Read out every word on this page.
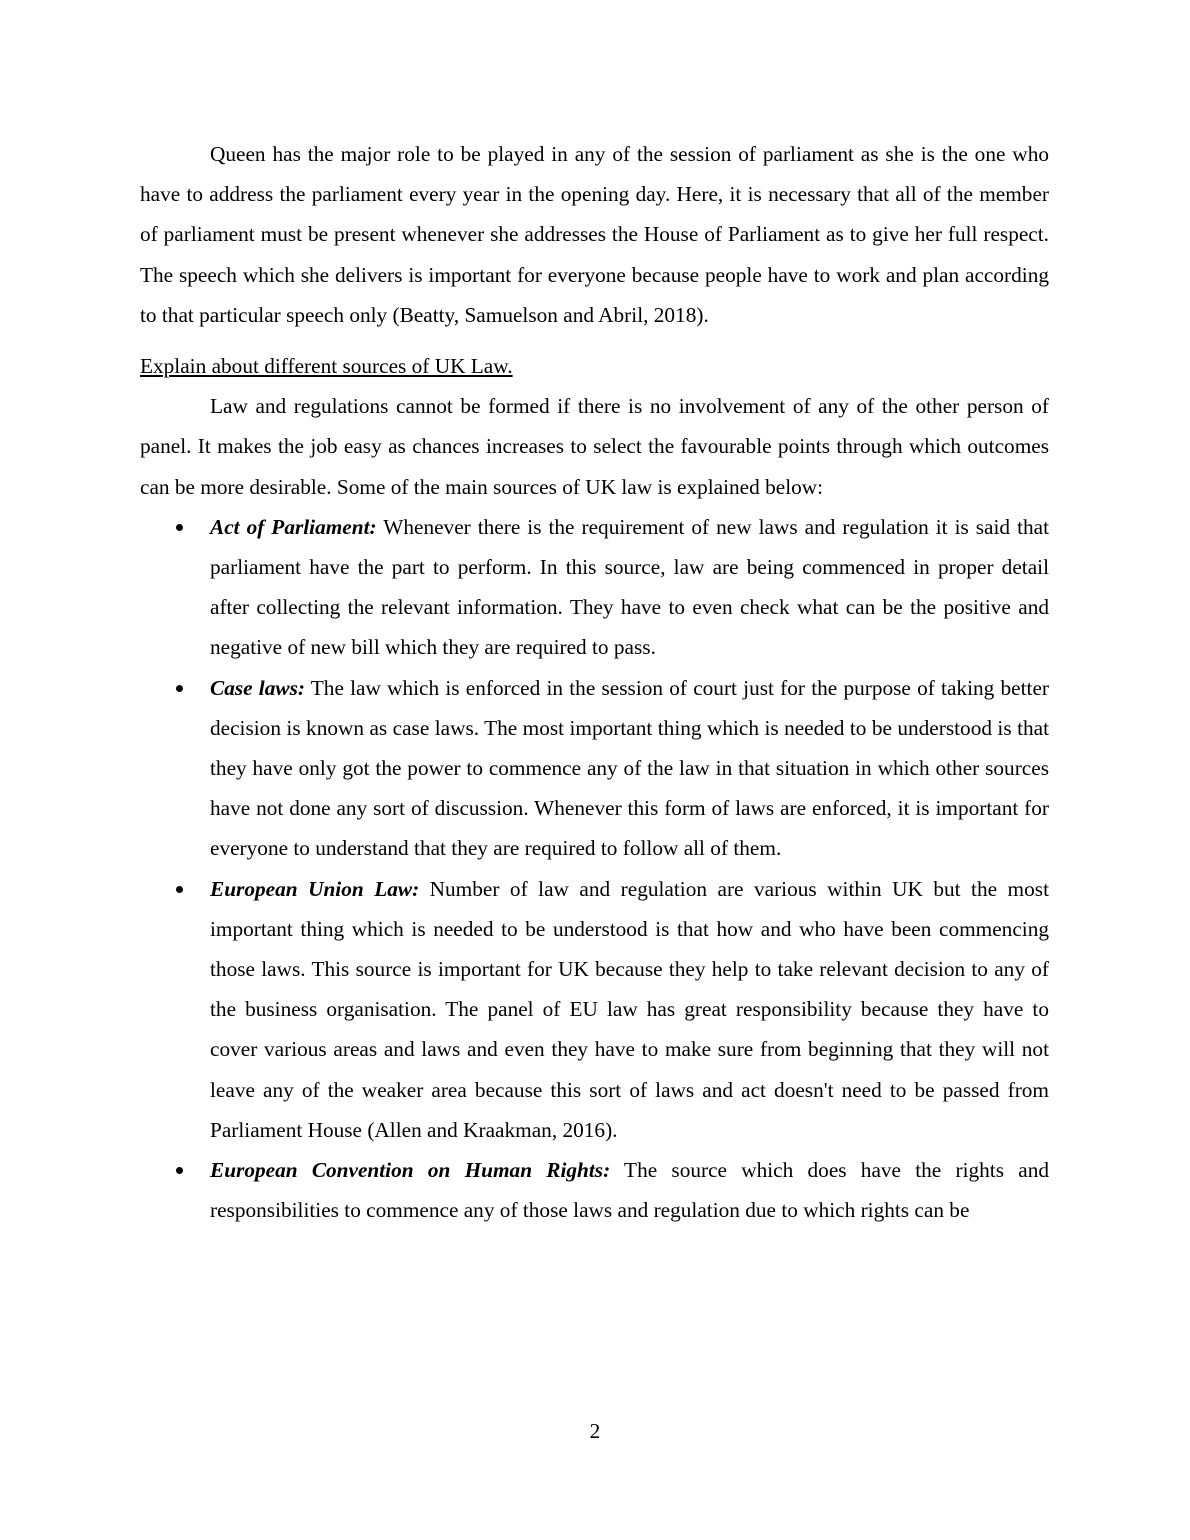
Queen has the major role to be played in any of the session of parliament as she is the one who have to address the parliament every year in the opening day. Here, it is necessary that all of the member of parliament must be present whenever she addresses the House of Parliament as to give her full respect. The speech which she delivers is important for everyone because people have to work and plan according to that particular speech only (Beatty, Samuelson and Abril, 2018).

Explain about different sources of UK Law.

Law and regulations cannot be formed if there is no involvement of any of the other person of panel. It makes the job easy as chances increases to select the favourable points through which outcomes can be more desirable. Some of the main sources of UK law is explained below:

Act of Parliament: Whenever there is the requirement of new laws and regulation it is said that parliament have the part to perform. In this source, law are being commenced in proper detail after collecting the relevant information. They have to even check what can be the positive and negative of new bill which they are required to pass.
Case laws: The law which is enforced in the session of court just for the purpose of taking better decision is known as case laws. The most important thing which is needed to be understood is that they have only got the power to commence any of the law in that situation in which other sources have not done any sort of discussion. Whenever this form of laws are enforced, it is important for everyone to understand that they are required to follow all of them.
European Union Law: Number of law and regulation are various within UK but the most important thing which is needed to be understood is that how and who have been commencing those laws. This source is important for UK because they help to take relevant decision to any of the business organisation. The panel of EU law has great responsibility because they have to cover various areas and laws and even they have to make sure from beginning that they will not leave any of the weaker area because this sort of laws and act doesn't need to be passed from Parliament House (Allen and Kraakman, 2016).
European Convention on Human Rights: The source which does have the rights and responsibilities to commence any of those laws and regulation due to which rights can be
2
